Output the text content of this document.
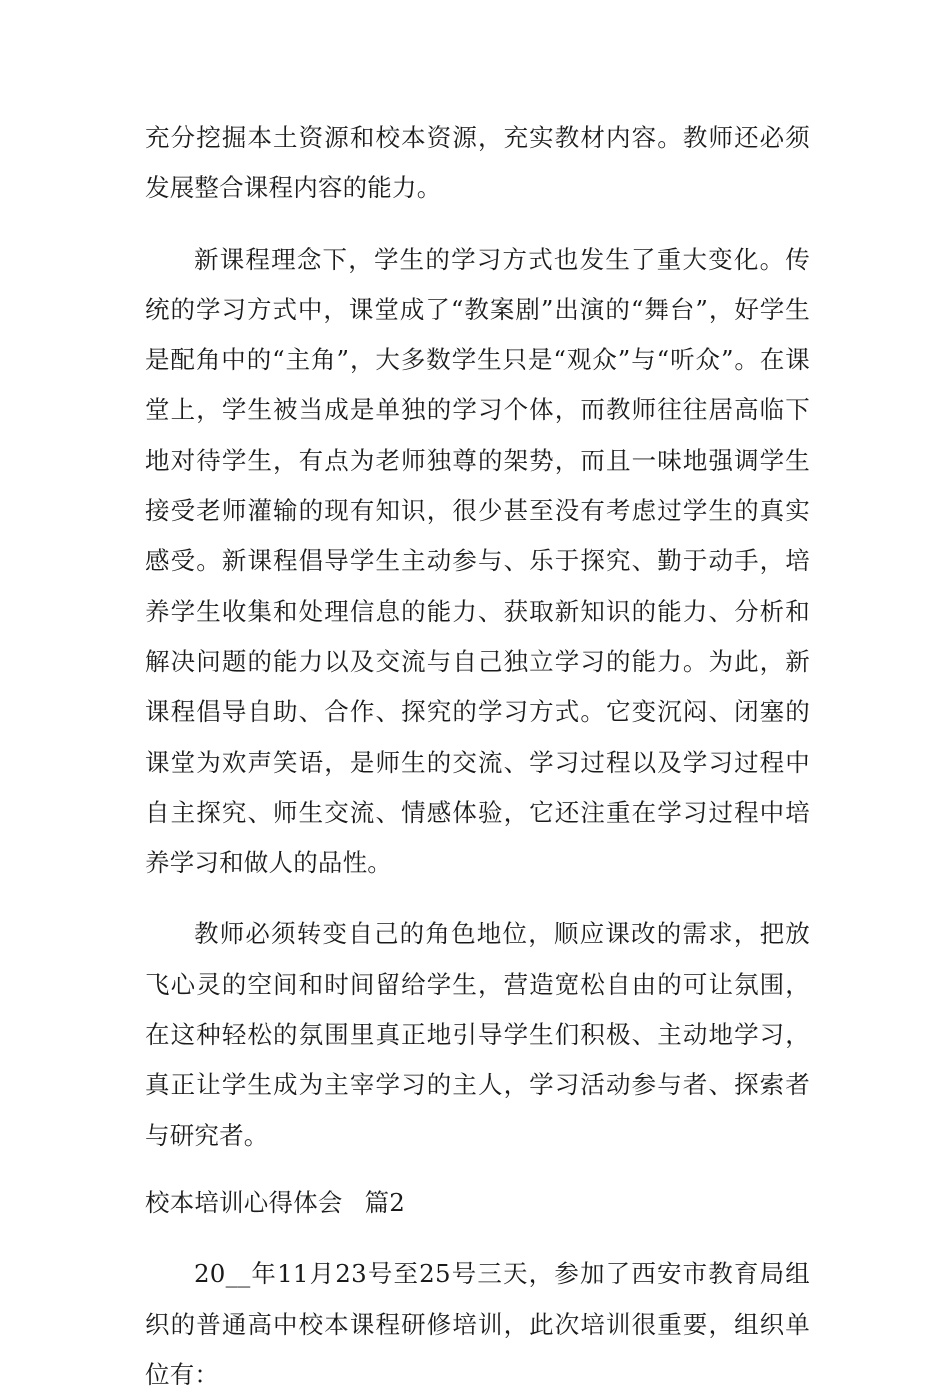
充分挖掘本土资源和校本资源，充实教材内容。教师还必须发展整合课程内容的能力。

新课程理念下，学生的学习方式也发生了重大变化。传统的学习方式中，课堂成了“教案剧”出演的“舞台”，好学生是配角中的“主角”，大多数学生只是“观众”与“听众”。在课堂上，学生被当成是单独的学习个体，而教师往往居高临下地对待学生，有点为老师独尊的架势，而且一味地强调学生接受老师灌输的现有知识，很少甚至没有考虑过学生的真实感受。新课程倡导学生主动参与、乐于探究、勤于动手，培养学生收集和处理信息的能力、获取新知识的能力、分析和解决问题的能力以及交流与自己独立学习的能力。为此，新课程倡导自助、合作、探究的学习方式。它变沉闷、闭塞的课堂为欢声笑语，是师生的交流、学习过程以及学习过程中自主探究、师生交流、情感体验，它还注重在学习过程中培养学习和做人的品性。

教师必须转变自己的角色地位，顺应课改的需求，把放飞心灵的空间和时间留给学生，营造宽松自由的可让氛围，在这种轻松的氛围里真正地引导学生们积极、主动地学习，真正让学生成为主宰学习的主人，学习活动参与者、探索者与研究者。

校本培训心得体会 篇2

20__年11月23号至25号三天，参加了西安市教育局组织的普通高中校本课程研修培训，此次培训很重要，组织单位有：
